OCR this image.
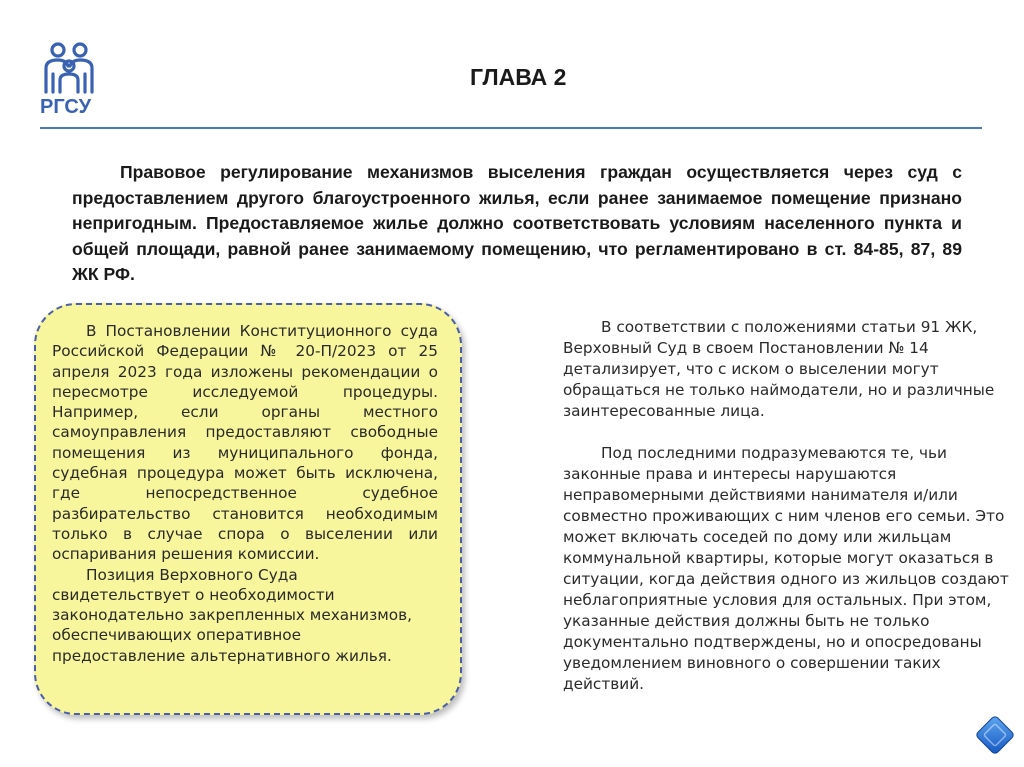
РГСУ
ГЛАВА 2
Правовое регулирование механизмов выселения граждан осуществляется через суд с предоставлением другого благоустроенного жилья, если ранее занимаемое помещение признано непригодным. Предоставляемое жилье должно соответствовать условиям населенного пункта и общей площади, равной ранее занимаемому помещению, что регламентировано в ст. 84-85, 87, 89 ЖК РФ.

В Постановлении Конституционного суда Российской Федерации № 20-П/2023 от 25 апреля 2023 года изложены рекомендации о пересмотре исследуемой процедуры. Например, если органы местного самоуправления предоставляют свободные помещения из муниципального фонда, судебная процедура может быть исключена, где непосредственное судебное разбирательство становится необходимым только в случае спора о выселении или оспаривания решения комиссии.

Позиция Верховного Суда свидетельствует о необходимости законодательно закрепленных механизмов, обеспечивающих оперативное предоставление альтернативного жилья.

В соответствии с положениями статьи 91 ЖК, Верховный Суд в своем Постановлении № 14 детализирует, что с иском о выселении могут обращаться не только наймодатели, но и различные заинтересованные лица.

Под последними подразумеваются те, чьи законные права и интересы нарушаются неправомерными действиями нанимателя и/или совместно проживающих с ним членов его семьи. Это может включать соседей по дому или жильцам коммунальной квартиры, которые могут оказаться в ситуации, когда действия одного из жильцов создают неблагоприятные условия для остальных. При этом, указанные действия должны быть не только документально подтверждены, но и опосредованы уведомлением виновного о совершении таких действий.
